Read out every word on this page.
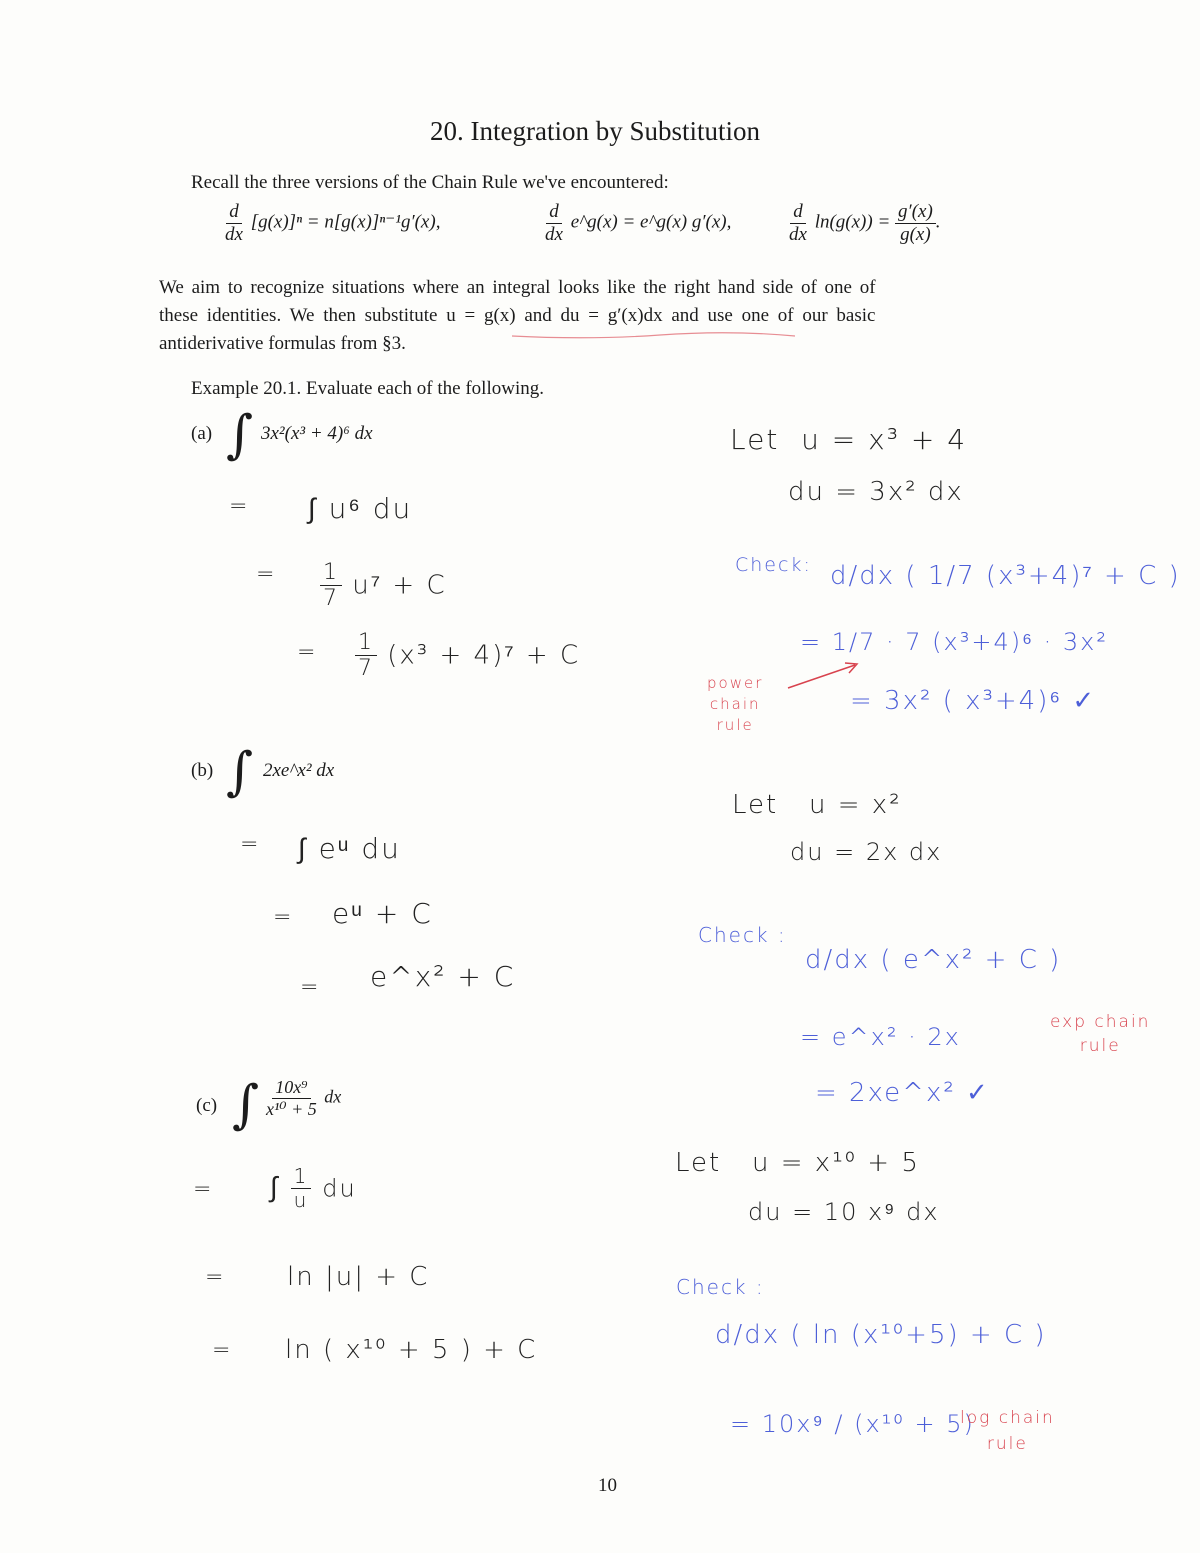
20. Integration by Substitution
Recall the three versions of the Chain Rule we've encountered:
$\frac{d}{dx} [g(x)]^n = n[g(x)]^{n-1}g'(x)$,	$\frac{d}{dx}$ e^g(x) = e^g(x) g′(x),	$\frac{d}{dx} \ln(g(x)) = \frac{g'(x)}{g(x)}$ .
We aim to recognize situations where an integral looks like the right hand side of one of
these identities. We then substitute u = g(x) and du = g′(x)dx and use one of our basic
antiderivative formulas from §3.
Example 20.1. Evaluate each of the following.
(a) ∫ 3x²(x³ + 4)⁶ dx
= ∫ u⁶ du
= $\frac{1}{7} u^7 + C$
= $\frac{1}{7} (x^3 + 4)^7 + C$
Let u = x³ + 4
du = 3x² dx
Check: d/dx ( 1/7 (x³+4)⁷ + C )
= 1/7 · 7 (x³+4)⁶ · 3x²
= 3x² ( x³+4)⁶ ✓
power
chain
rule
(b) ∫ 2xe^x² dx
= ∫ eᵘ du
= eᵘ + C
= e^x² + C
Let u = x²
du = 2x dx
Check :
d/dx ( e^x² + C )
= e^x² · 2x
= 2xe^x² ✓
exp chain
rule
(c) ∫ $\frac{\text{10x⁹}}{\text{x¹⁰ + 5}}$ dx
= ∫ $\frac{1}{u}$ du
= ln |u| + C
= ln ( x¹⁰ + 5 ) + C
Let u = x¹⁰ + 5
du = 10 x⁹ dx
Check :
d/dx ( ln (x¹⁰+5) + C )
= 10x⁹ / (x¹⁰ + 5)
log chain
rule
10
